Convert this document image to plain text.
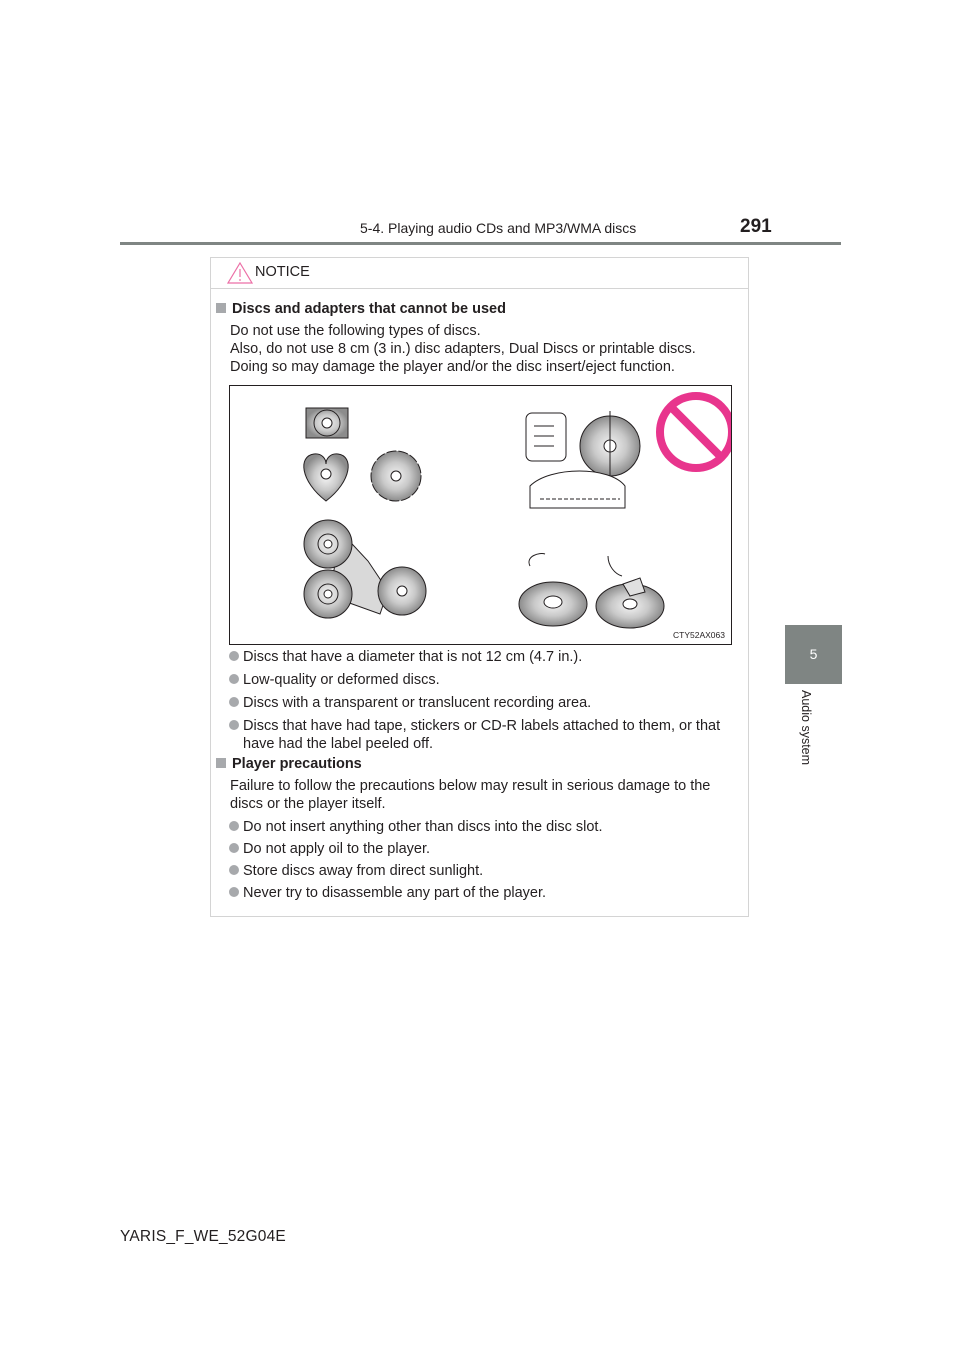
5-4. Playing audio CDs and MP3/WMA discs	291
5
Audio system
NOTICE
Discs and adapters that cannot be used
Do not use the following types of discs.
Also, do not use 8 cm (3 in.) disc adapters, Dual Discs or printable discs.
Doing so may damage the player and/or the disc insert/eject function.
CTY52AX063
Discs that have a diameter that is not 12 cm (4.7 in.).
Low-quality or deformed discs.
Discs with a transparent or translucent recording area.
Discs that have had tape, stickers or CD-R labels attached to them, or that
have had the label peeled off.
Player precautions
Failure to follow the precautions below may result in serious damage to the
discs or the player itself.
Do not insert anything other than discs into the disc slot.
Do not apply oil to the player.
Store discs away from direct sunlight.
Never try to disassemble any part of the player.
YARIS_F_WE_52G04E
